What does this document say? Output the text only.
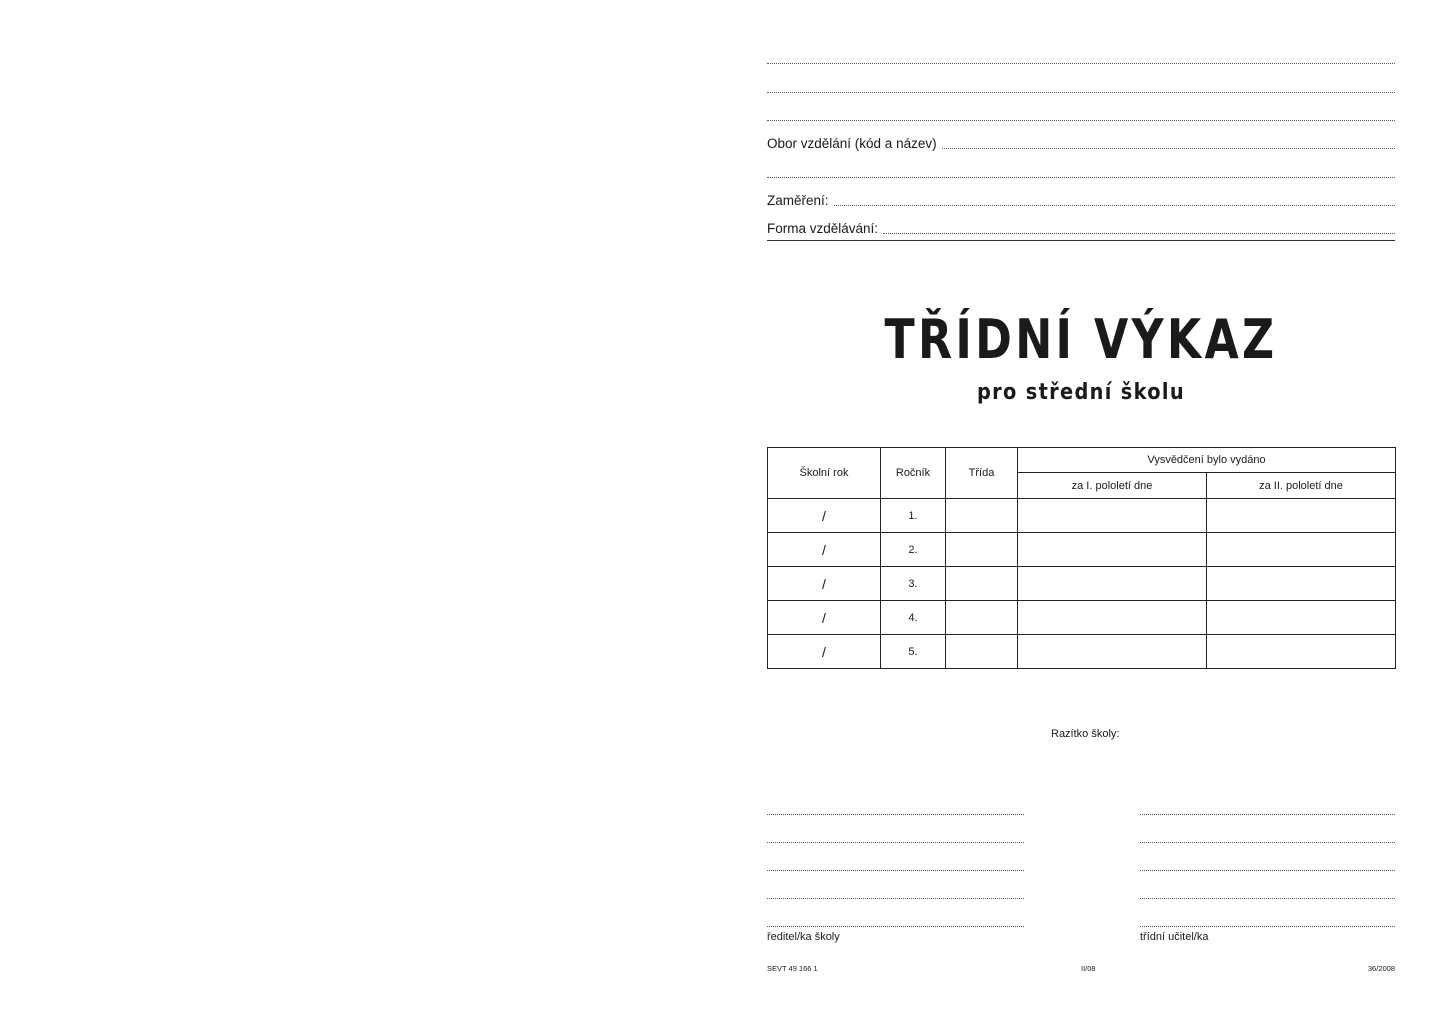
Obor vzdělání (kód a název)
Zaměření:
Forma vzdělávání:
TŘÍDNÍ VÝKAZ
pro střední školu
Školní rok	Ročník	Třída	Vysvědčení bylo vydáno	
			za I. pololetí dne	za II. pololetí dne
/	1.			
/	2.			
/	3.			
/	4.			
/	5.			
Razítko školy:
ředitel/ka školy	třídní učitel/ka
SEVT 49 166 1	II/08	36/2008
